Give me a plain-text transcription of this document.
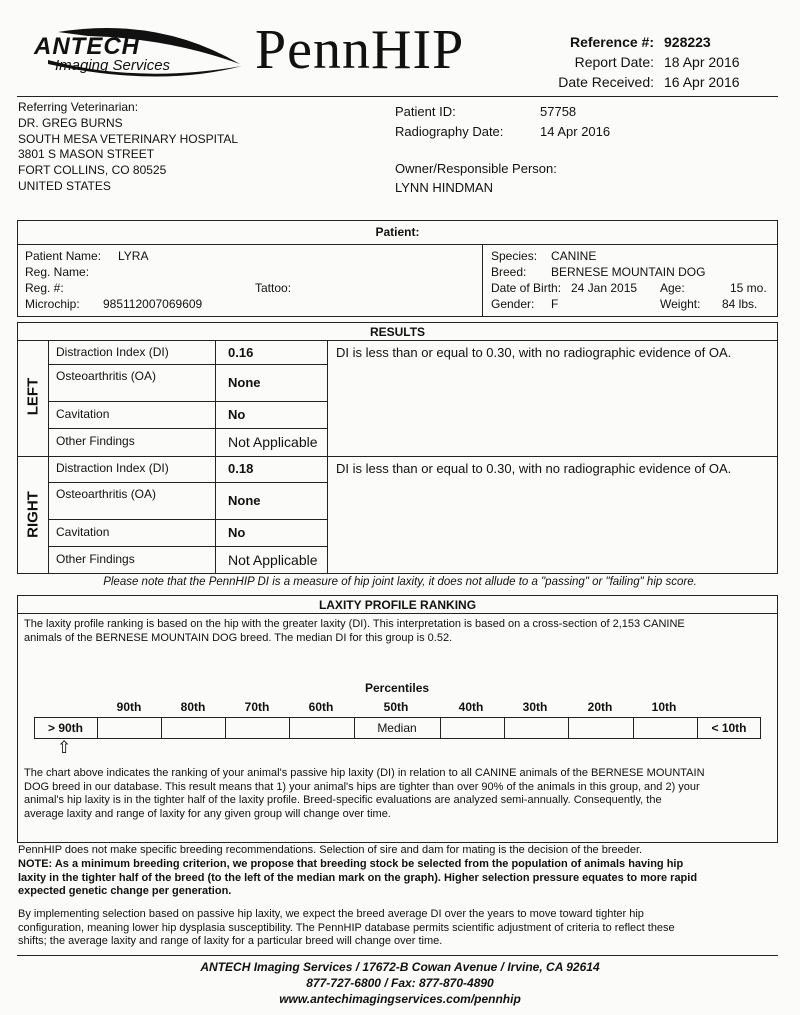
ANTECH
Imaging Services PennHIP	Reference #: 928223
Report Date: 18 Apr 2016
Date Received: 16 Apr 2016
Referring Veterinarian:
DR. GREG BURNS
SOUTH MESA VETERINARY HOSPITAL
3801 S MASON STREET
FORT COLLINS, CO 80525
UNITED STATES
Patient ID:	57758
Radiography Date:	14 Apr 2016
Owner/Responsible Person:
LYNN HINDMAN
Patient:
Patient Name: LYRA
Reg. Name:
Reg. #:	Tattoo:
Microchip: 985112007069609
Species: CANINE
Breed: BERNESE MOUNTAIN DOG
Date of Birth: 24 Jan 2015 Age:	15 mo.
Gender: F	Weight: 84 lbs.
RESULTS
LEFT
RIGHT
Distraction Index (DI)	0.16	DI is less than or equal to 0.30, with no radiographic evidence of OA.
Osteoarthritis (OA)	None
Cavitation	No
Other Findings	Not Applicable
Distraction Index (DI)	0.18	DI is less than or equal to 0.30, with no radiographic evidence of OA.
Osteoarthritis (OA)	None
Cavitation	No
Other Findings	Not Applicable
Please note that the PennHIP DI is a measure of hip joint laxity, it does not allude to a "passing" or "failing" hip score.
LAXITY PROFILE RANKING
The laxity profile ranking is based on the hip with the greater laxity (DI). This interpretation is based on a cross-section of 2,153 CANINE
animals of the BERNESE MOUNTAIN DOG breed. The median DI for this group is 0.52.
Percentiles
90th	80th	70th	60th	50th	40th	30th	20th	10th
> 90th	Median	< 10th
⇧
The chart above indicates the ranking of your animal's passive hip laxity (DI) in relation to all CANINE animals of the BERNESE MOUNTAIN
DOG breed in our database. This result means that 1) your animal's hips are tighter than over 90% of the animals in this group, and 2) your
animal's hip laxity is in the tighter half of the laxity profile. Breed-specific evaluations are analyzed semi-annually. Consequently, the
average laxity and range of laxity for any given group will change over time.
PennHIP does not make specific breeding recommendations. Selection of sire and dam for mating is the decision of the breeder.
NOTE: As a minimum breeding criterion, we propose that breeding stock be selected from the population of animals having hip
laxity in the tighter half of the breed (to the left of the median mark on the graph). Higher selection pressure equates to more rapid
expected genetic change per generation.
By implementing selection based on passive hip laxity, we expect the breed average DI over the years to move toward tighter hip
configuration, meaning lower hip dysplasia susceptibility. The PennHIP database permits scientific adjustment of criteria to reflect these
shifts; the average laxity and range of laxity for a particular breed will change over time.
ANTECH Imaging Services / 17672-B Cowan Avenue / Irvine, CA 92614
877-727-6800 / Fax: 877-870-4890
www.antechimagingservices.com/pennhip
